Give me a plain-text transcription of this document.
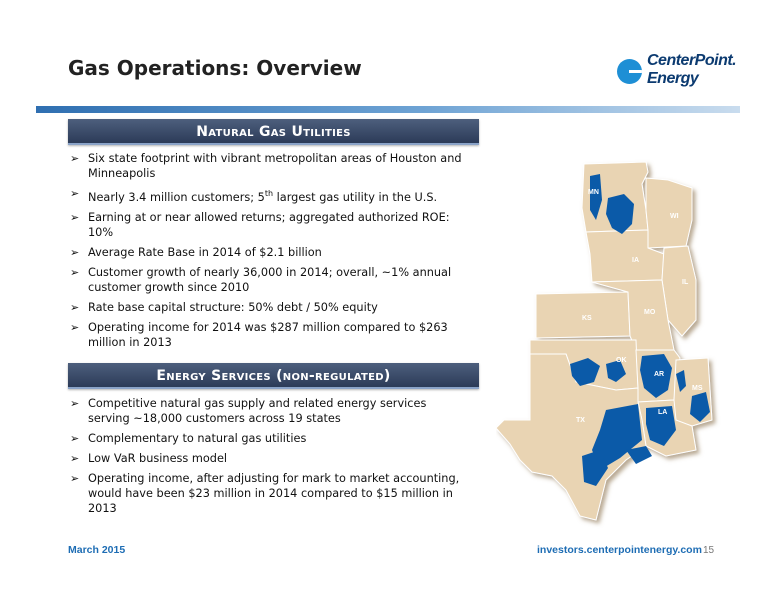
Gas Operations: Overview	CenterPoint.
Energy
Natural Gas Utilities
➢ Six state footprint with vibrant metropolitan areas of Houston and Minneapolis
➢ Nearly 3.4 million customers; 5th largest gas utility in the U.S.
➢ Earning at or near allowed returns; aggregated authorized ROE: 10%
➢ Average Rate Base in 2014 of $2.1 billion
➢ Customer growth of nearly 36,000 in 2014; overall, ~1% annual customer growth since 2010
➢ Rate base capital structure: 50% debt / 50% equity
➢ Operating income for 2014 was $287 million compared to $263 million in 2013
Energy Services (non-regulated)
➢ Competitive natural gas supply and related energy services serving ~18,000 customers across 19 states
➢ Complementary to natural gas utilities
➢ Low VaR business model
➢ Operating income, after adjusting for mark to market accounting, would have been $23 million in 2014 compared to $15 million in 2013
MN
WI
IA
IL
KS
MO
OK
AR
MS
LA
TX
March 2015	investors.centerpointenergy.com 15
